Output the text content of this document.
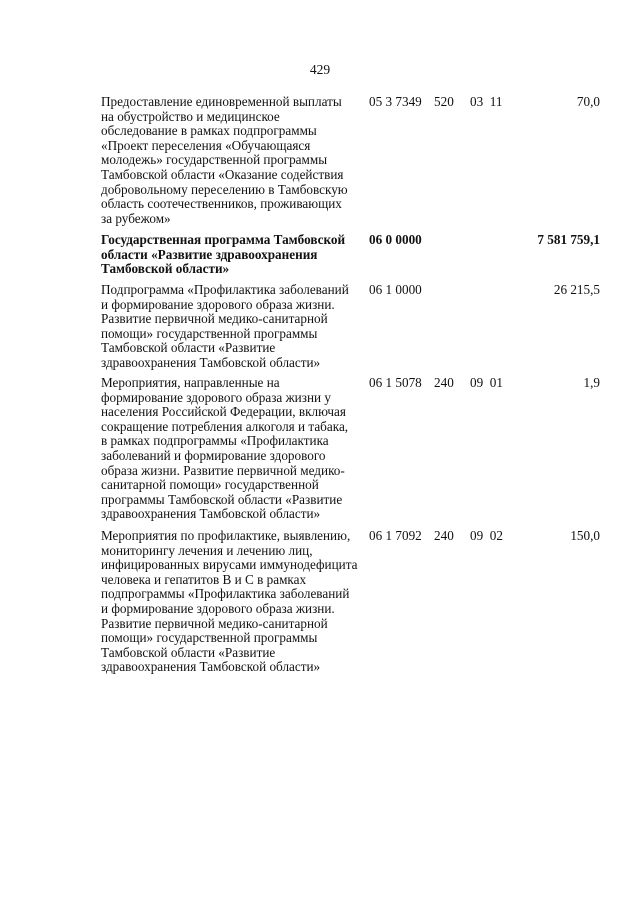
429
Предоставление единовременной выплаты
на обустройство и медицинское
обследование в рамках подпрограммы
«Проект переселения «Обучающаяся
молодежь» государственной программы
Тамбовской области «Оказание содействия
добровольному переселению в Тамбовскую
область соотечественников, проживающих
за рубежом»
05 3 7349 520 03  11	70,0
Государственная программа Тамбовской
области «Развитие здравоохранения
Тамбовской области»
06 0 0000	7 581 759,1
Подпрограмма «Профилактика заболеваний
и формирование здорового образа жизни.
Развитие первичной медико-санитарной
помощи» государственной программы
Тамбовской области «Развитие
здравоохранения Тамбовской области»
06 1 0000	26 215,5
Мероприятия, направленные на
формирование здорового образа жизни у
населения Российской Федерации, включая
сокращение потребления алкоголя и табака,
в рамках подпрограммы «Профилактика
заболеваний и формирование здорового
образа жизни. Развитие первичной медико-
санитарной помощи» государственной
программы Тамбовской области «Развитие
здравоохранения Тамбовской области»
06 1 5078 240 09  01	1,9
Мероприятия по профилактике, выявлению,
мониторингу лечения и лечению лиц,
инфицированных вирусами иммунодефицита
человека и гепатитов В и С в рамках
подпрограммы «Профилактика заболеваний
и формирование здорового образа жизни.
Развитие первичной медико-санитарной
помощи» государственной программы
Тамбовской области «Развитие
здравоохранения Тамбовской области»
06 1 7092 240 09  02	150,0
